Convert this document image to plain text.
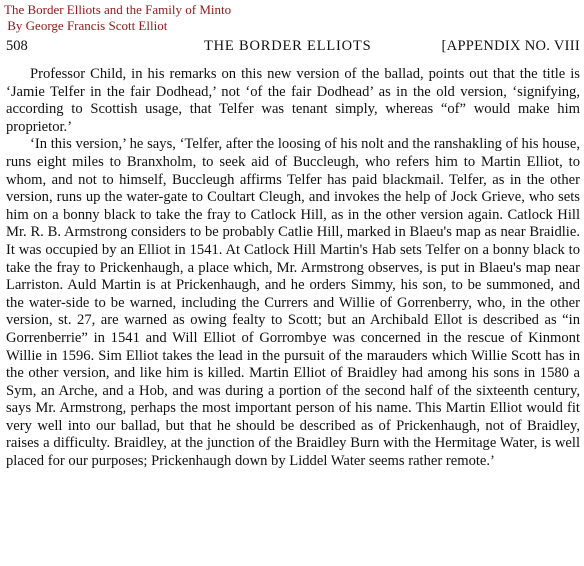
The Border Elliots and the Family of Minto
By George Francis Scott Elliot
508	THE BORDER ELLIOTS	[APPENDIX NO. VIII

Professor Child, in his remarks on this new version of the ballad, points out that the title is ‘Jamie Telfer in the fair Dodhead,’ not ‘of the fair Dodhead’ as in the old version, ‘signifying, according to Scottish usage, that Telfer was tenant simply, whereas “of” would make him proprietor.’

‘In this version,’ he says, ‘Telfer, after the loosing of his nolt and the ranshakling of his house, runs eight miles to Branxholm, to seek aid of Buccleugh, who refers him to Martin Elliot, to whom, and not to himself, Buccleugh affirms Telfer has paid blackmail. Telfer, as in the other version, runs up the water-gate to Coultart Cleugh, and invokes the help of Jock Grieve, who sets him on a bonny black to take the fray to Catlock Hill, as in the other version again. Catlock Hill Mr. R. B. Armstrong considers to be probably Catlie Hill, marked in Blaeu's map as near Braidlie. It was occupied by an Elliot in 1541. At Catlock Hill Martin's Hab sets Telfer on a bonny black to take the fray to Prickenhaugh, a place which, Mr. Armstrong observes, is put in Blaeu's map near Larriston. Auld Martin is at Prickenhaugh, and he orders Simmy, his son, to be summoned, and the water-side to be warned, including the Currers and Willie of Gorrenberry, who, in the other version, st. 27, are warned as owing fealty to Scott; but an Archibald Ellot is described as “in Gorrenberrie” in 1541 and Will Elliot of Gorrombye was concerned in the rescue of Kinmont Willie in 1596. Sim Elliot takes the lead in the pursuit of the marauders which Willie Scott has in the other version, and like him is killed. Martin Elliot of Braidley had among his sons in 1580 a Sym, an Arche, and a Hob, and was during a portion of the second half of the sixteenth century, says Mr. Armstrong, perhaps the most important person of his name. This Martin Elliot would fit very well into our ballad, but that he should be described as of Prickenhaugh, not of Braidley, raises a difficulty. Braidley, at the junction of the Braidley Burn with the Hermitage Water, is well placed for our purposes; Prickenhaugh down by Liddel Water seems rather remote.’
